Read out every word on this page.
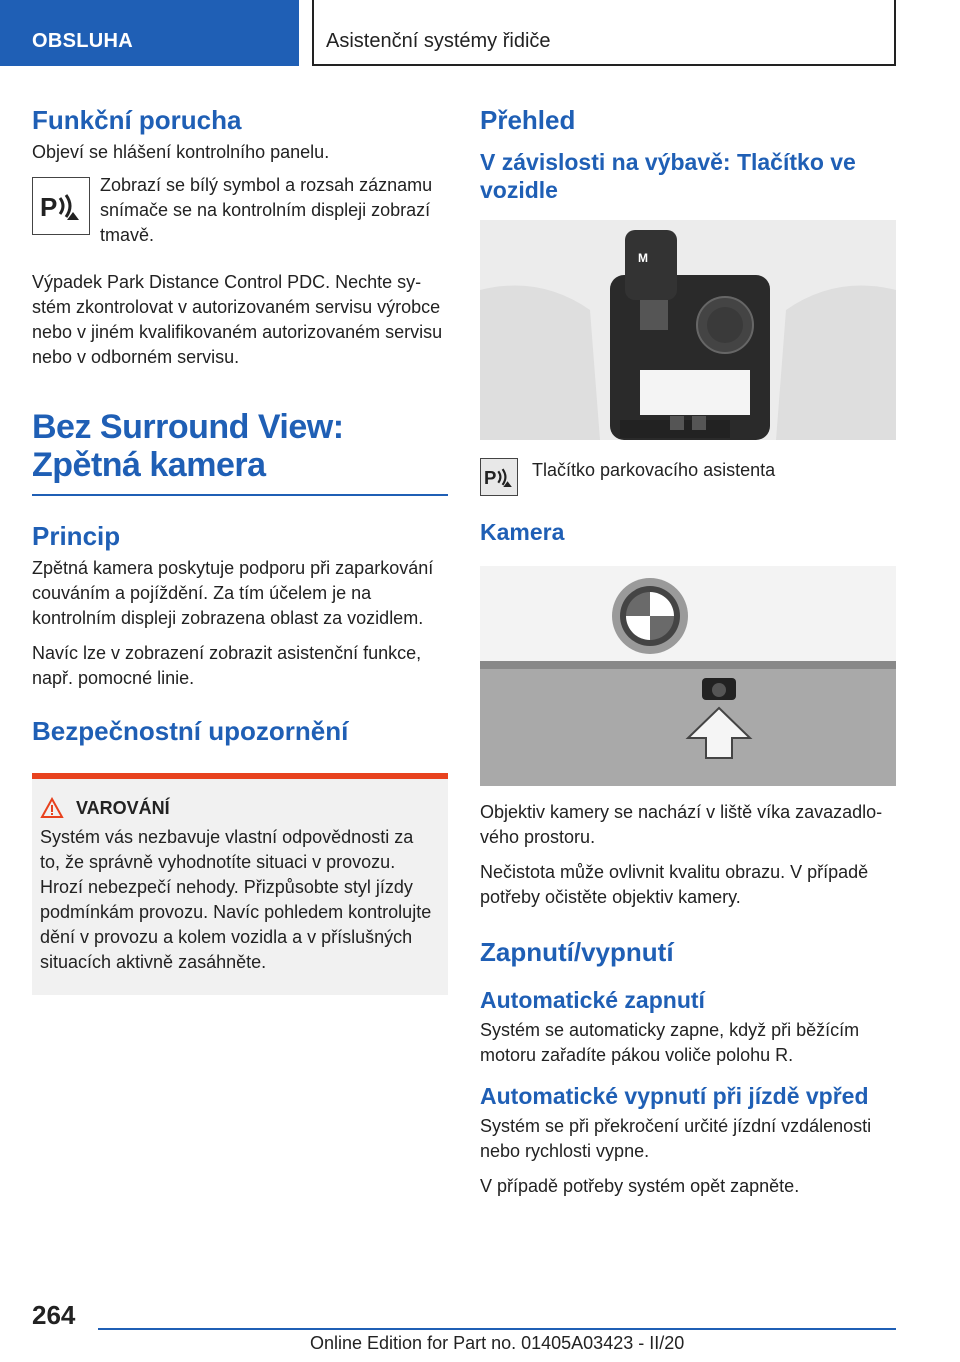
OBSLUHA	Asistenční systémy řidiče
Funkční porucha
Objeví se hlášení kontrolního panelu.
P
Zobrazí se bílý symbol a rozsah záznamu snímače se na kontrolním displeji zobrazí tmavě.
Výpadek Park Distance Control PDC. Nechte systém zkontrolovat v autorizovaném servisu výrobce nebo v jiném kvalifikovaném autorizovaném servisu nebo v odborném servisu.
Bez Surround View: Zpětná kamera
Princip
Zpětná kamera poskytuje podporu při zaparkování couváním a pojíždění. Za tím účelem je na kontrolním displeji zobrazena oblast za vozidlem.
Navíc lze v zobrazení zobrazit asistenční funkce, např. pomocné linie.
Bezpečnostní upozornění
VAROVÁNÍ
Systém vás nezbavuje vlastní odpovědnosti za to, že správně vyhodnotíte situaci v provozu. Hrozí nebezpečí nehody. Přizpůsobte styl jízdy podmínkám provozu. Navíc pohledem kontrolujte dění v provozu a kolem vozidla a v příslušných situacích aktivně zasáhněte.
Přehled
V závislosti na výbavě: Tlačítko ve vozidle
M
P Tlačítko parkovacího asistenta
Kamera
Objektiv kamery se nachází v liště víka zavazadlového prostoru.
Nečistota může ovlivnit kvalitu obrazu. V případě potřeby očistěte objektiv kamery.
Zapnutí/vypnutí
Automatické zapnutí
Systém se automaticky zapne, když při běžícím motoru zařadíte pákou voliče polohu R.
Automatické vypnutí při jízdě vpřed
Systém se při překročení určité jízdní vzdálenosti nebo rychlosti vypne.
V případě potřeby systém opět zapněte.
264
Online Edition for Part no. 01405A03423 - II/20
